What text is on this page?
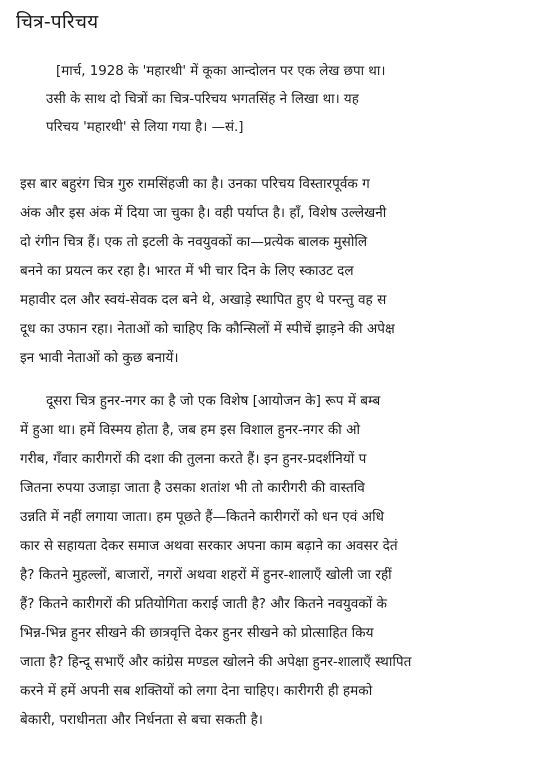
चित्र-परिचय
[मार्च, 1928 के 'महारथी' में कूका आन्दोलन पर एक लेख छपा था।
उसी के साथ दो चित्रों का चित्र-परिचय भगतसिंह ने लिखा था। यह
परिचय 'महारथी' से लिया गया है। —सं.]
इस बार बहुरंग चित्र गुरु रामसिंहजी का है। उनका परिचय विस्तारपूर्वक ग
अंक और इस अंक में दिया जा चुका है। वही पर्याप्त है। हाँ, विशेष उल्लेखनी
दो रंगीन चित्र हैं। एक तो इटली के नवयुवकों का—प्रत्येक बालक मुसोलि
बनने का प्रयत्न कर रहा है। भारत में भी चार दिन के लिए स्काउट दल
महावीर दल और स्वयं-सेवक दल बने थे, अखाड़े स्थापित हुए थे परन्तु वह स
दूध का उफान रहा। नेताओं को चाहिए कि कौन्सिलों में स्पीचें झाड़ने की अपेक्ष
इन भावी नेताओं को कुछ बनायें।
दूसरा चित्र हुनर-नगर का है जो एक विशेष [आयोजन के] रूप में बम्ब
में हुआ था। हमें विस्मय होता है, जब हम इस विशाल हुनर-नगर की ओ
गरीब, गँवार कारीगरों की दशा की तुलना करते हैं। इन हुनर-प्रदर्शनियों प
जितना रुपया उजाड़ा जाता है उसका शतांश भी तो कारीगरी की वास्तवि
उन्नति में नहीं लगाया जाता। हम पूछते हैं—कितने कारीगरों को धन एवं अधि
कार से सहायता देकर समाज अथवा सरकार अपना काम बढ़ाने का अवसर देतं
है? कितने मुहल्लों, बाजारों, नगरों अथवा शहरों में हुनर-शालाएँ खोली जा रहीं
हैं? कितने कारीगरों की प्रतियोगिता कराई जाती है? और कितने नवयुवकों के
भिन्न-भिन्न हुनर सीखने की छात्रवृत्ति देकर हुनर सीखने को प्रोत्साहित किय
जाता है? हिन्दू सभाएँ और कांग्रेस मण्डल खोलने की अपेक्षा हुनर-शालाएँ स्थापित
करने में हमें अपनी सब शक्तियों को लगा देना चाहिए। कारीगरी ही हमको
बेकारी, पराधीनता और निर्धनता से बचा सकती है।
